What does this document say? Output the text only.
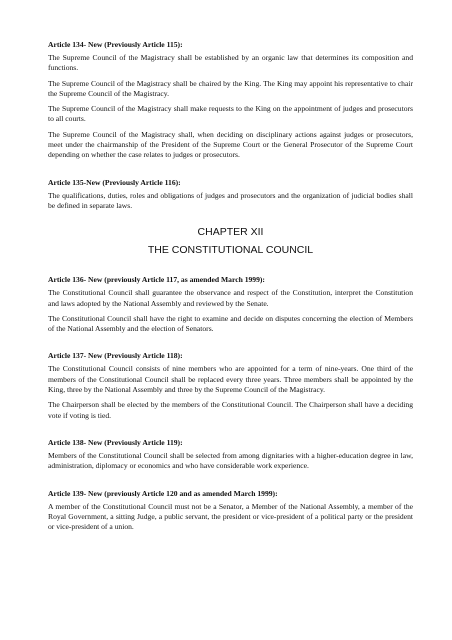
Article 134- New (Previously Article 115):

The Supreme Council of the Magistracy shall be established by an organic law that determines its composition and functions.

The Supreme Council of the Magistracy shall be chaired by the King. The King may appoint his representative to chair the Supreme Council of the Magistracy.

The Supreme Council of the Magistracy shall make requests to the King on the appointment of judges and prosecutors to all courts.

The Supreme Council of the Magistracy shall, when deciding on disciplinary actions against judges or prosecutors, meet under the chairmanship of the President of the Supreme Court or the General Prosecutor of the Supreme Court depending on whether the case relates to judges or prosecutors.

Article 135-New (Previously Article 116):

The qualifications, duties, roles and obligations of judges and prosecutors and the organization of judicial bodies shall be defined in separate laws.

CHAPTER XII
THE CONSTITUTIONAL COUNCIL
Article 136- New (previously Article 117, as amended March 1999):

The Constitutional Council shall guarantee the observance and respect of the Constitution, interpret the Constitution and laws adopted by the National Assembly and reviewed by the Senate.

The Constitutional Council shall have the right to examine and decide on disputes concerning the election of Members of the National Assembly and the election of Senators.

Article 137- New (Previously Article 118):

The Constitutional Council consists of nine members who are appointed for a term of nine-years. One third of the members of the Constitutional Council shall be replaced every three years. Three members shall be appointed by the King, three by the National Assembly and three by the Supreme Council of the Magistracy.

The Chairperson shall be elected by the members of the Constitutional Council. The Chairperson shall have a deciding vote if voting is tied.

Article 138- New (Previously Article 119):

Members of the Constitutional Council shall be selected from among dignitaries with a higher-education degree in law, administration, diplomacy or economics and who have considerable work experience.

Article 139- New (previously Article 120 and as amended March 1999):

A member of the Constitutional Council must not be a Senator, a Member of the National Assembly, a member of the Royal Government, a sitting Judge, a public servant, the president or vice-president of a political party or the president or vice-president of a union.
